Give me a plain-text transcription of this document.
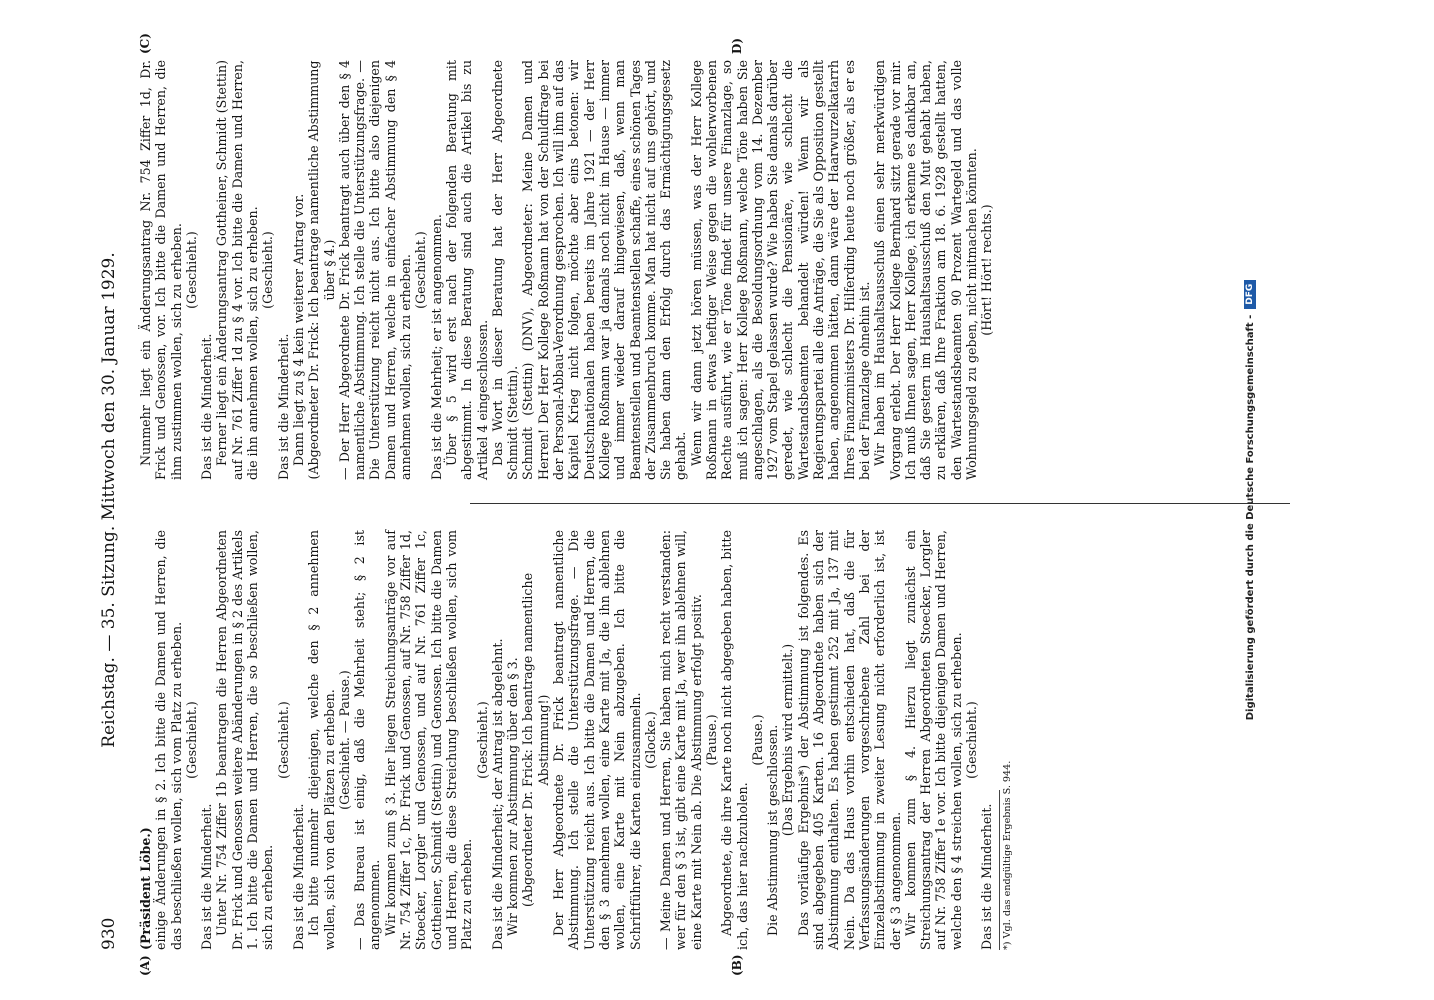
930
Reichstag. — 35. Sitzung. Mittwoch den 30. Januar 1929.
(A)	(B)
(C)	D)

(Präsident Löbe.) einige Änderungen in § 2. Ich bitte die Damen und Herren, die das beschließen wollen, sich vom Platz zu erheben. (Geschieht.)

Das ist die Minderheit. Unter Nr. 754 Ziffer 1b beantragen die Herren Abgeordneten Dr. Frick und Genossen weitere Abänderungen in § 2 des Artikels 1. Ich bitte die Damen und Herren, die so beschließen wollen, sich zu erheben.

(Geschieht.)

Das ist die Minderheit. Ich bitte nunmehr diejenigen, welche den § 2 annehmen wollen, sich von den Plätzen zu erheben. (Geschieht. — Pause.) — Das Bureau ist einig, daß die Mehrheit steht; § 2 ist angenommen. Wir kommen zum § 3. Hier liegen Streichungsanträge vor auf Nr. 754 Ziffer 1c, Dr. Frick und Genossen, auf Nr. 758 Ziffer 1d, Stoecker, Lorgler und Genossen, und auf Nr. 761 Ziffer 1c, Gottheiner, Schmidt (Stettin) und Genossen. Ich bitte die Damen und Herren, die diese Streichung beschließen wollen, sich vom Platz zu erheben.

(Geschieht.) Das ist die Minderheit; der Antrag ist abgelehnt. Wir kommen zur Abstimmung über den § 3. (Abgeordneter Dr. Frick: Ich beantrage namentliche Abstimmung!) Der Herr Abgeordnete Dr. Frick beantragt namentliche Abstimmung. Ich stelle die Unterstützungsfrage. — Die Unterstützung reicht aus. Ich bitte die Damen und Herren, die den § 3 annehmen wollen, eine Karte mit Ja, die ihn ablehnen wollen, eine Karte mit Nein abzugeben. Ich bitte die Schriftführer, die Karten einzusammeln. (Glocke.) — Meine Damen und Herren, Sie haben mich recht verstanden: wer für den § 3 ist, gibt eine Karte mit Ja, wer ihn ablehnen will, eine Karte mit Nein ab. Die Abstimmung erfolgt positiv. (Pause.) Abgeordnete, die ihre Karte noch nicht abgegeben haben, bitte ich, das hier nachzuholen.

(Pause.) Die Abstimmung ist geschlossen. (Das Ergebnis wird ermittelt.) Das vorläufige Ergebnis*) der Abstimmung ist folgendes. Es sind abgegeben 405 Karten. 16 Abgeordnete haben sich der Abstimmung enthalten. Es haben gestimmt 252 mit Ja, 137 mit Nein. Da das Haus vorhin entschieden hat, daß die für Verfassungsänderungen vorgeschriebene Zahl bei der Einzelabstimmung in zweiter Lesung nicht erforderlich ist, ist der § 3 angenommen. Wir kommen zum § 4. Hierzu liegt zunächst ein Streichungsantrag der Herren Abgeordneten Stoecker, Lorgler auf Nr. 758 Ziffer 1e vor. Ich bitte diejenigen Damen und Herren, welche den § 4 streichen wollen, sich zu erheben. (Geschieht.)

Das ist die Minderheit. *) Vgl. das endgültige Ergebnis S. 944.

Nunmehr liegt ein Änderungsantrag Nr. 754 Ziffer 1d, Dr. Frick und Genossen, vor. Ich bitte die Damen und Herren, die ihm zustimmen wollen, sich zu erheben. (Geschieht.)

Das ist die Minderheit. Ferner liegt ein Änderungsantrag Gottheiner, Schmidt (Stettin) auf Nr. 761 Ziffer 1d zu § 4 vor. Ich bitte die Damen und Herren, die ihn annehmen wollen, sich zu erheben. (Geschieht.)

Das ist die Minderheit. Dann liegt zu § 4 kein weiterer Antrag vor. (Abgeordneter Dr. Frick: Ich beantrage namentliche Abstimmung über § 4.) — Der Herr Abgeordnete Dr. Frick beantragt auch über den § 4 namentliche Abstimmung. Ich stelle die Unterstützungsfrage. — Die Unterstützung reicht nicht aus. Ich bitte also diejenigen Damen und Herren, welche in einfacher Abstimmung den § 4 annehmen wollen, sich zu erheben. (Geschieht.) Das ist die Mehrheit; er ist angenommen. Über § 5 wird erst nach der folgenden Beratung mit abgestimmt. In diese Beratung sind auch die Artikel bis zu Artikel 4 eingeschlossen. Das Wort in dieser Beratung hat der Herr Abgeordnete Schmidt (Stettin). Schmidt (Stettin) (DNV), Abgeordneter: Meine Damen und Herren! Der Herr Kollege Roßmann hat von der Schuldfrage bei der Personal-Abbau-Verordnung gesprochen. Ich will ihm auf das Kapitel Krieg nicht folgen, möchte aber eins betonen: wir Deutschnationalen haben bereits im Jahre 1921 — der Herr Kollege Roßmann war ja damals noch nicht im Hause — immer und immer wieder darauf hingewiesen, daß, wenn man Beamtenstellen und Beamtenstellen schaffe, eines schönen Tages der Zusammenbruch komme. Man hat nicht auf uns gehört, und Sie haben dann den Erfolg durch das Ermächtigungsgesetz gehabt. Wenn wir dann jetzt hören müssen, was der Herr Kollege Roßmann in etwas heftiger Weise gegen die wohlerworbenen Rechte ausführt, wie er Töne findet für unsere Finanzlage, so muß ich sagen: Herr Kollege Roßmann, welche Töne haben Sie angeschlagen, als die Besoldungsordnung vom 14. Dezember 1927 vom Stapel gelassen wurde? Wie haben Sie damals darüber geredet, wie schlecht die Pensionäre, wie schlecht die Wartestandsbeamten behandelt würden! Wenn wir als Regierungspartei alle die Anträge, die Sie als Opposition gestellt haben, angenommen hätten, dann wäre der Haarwurzelkatarrh Ihres Finanzministers Dr. Hilferding heute noch größer, als er es bei der Finanzlage ohnehin ist. Wir haben im Haushaltsausschuß einen sehr merkwürdigen Vorgang erlebt. Der Herr Kollege Bernhard sitzt gerade vor mir. Ich muß Ihnen sagen, Herr Kollege, ich erkenne es dankbar an, daß Sie gestern im Haushaltsausschuß den Mut gehabt haben, zu erklären, daß Ihre Fraktion am 18. 6. 1928 gestellt hatten, den Wartestandsbeamten 90 Prozent Wartegeld und das volle Wohnungsgeld zu geben, nicht mitmachen könnten. (Hört! Hört! rechts.)

Digitalisierung gefördert durch die Deutsche Forschungsgemeinschaft -
DFG
